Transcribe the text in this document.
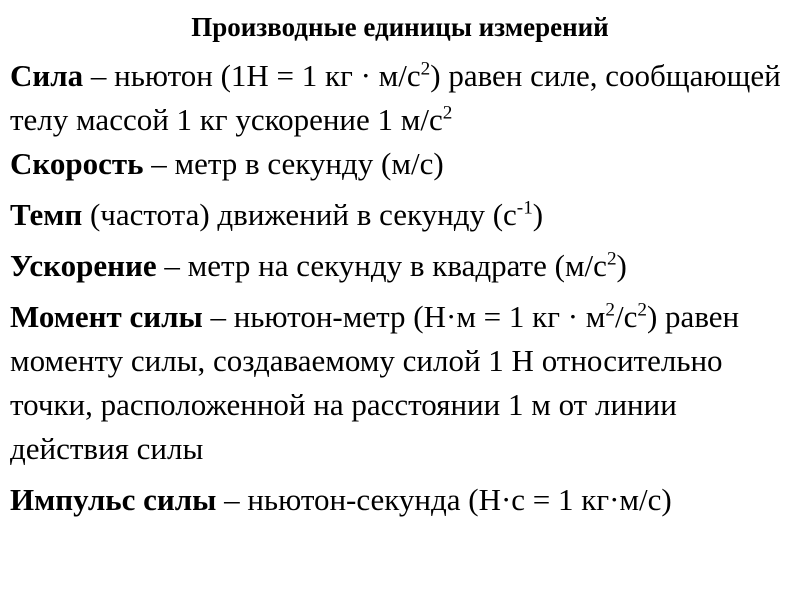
Производные единицы измерений

Сила – ньютон (1Н = 1 кг · $м/с^2$) равен силе, сообщающей телу массой 1 кг ускорение 1 $м/с^2$

Скорость – метр в секунду (м/с)

Темп (частота) движений в секунду $(с^{-1})$

Ускорение – метр на секунду в квадрате $(м/с^2)$

Момент силы – ньютон-метр (Н·м = 1 кг · $м^2/с^2$) равен моменту силы, создаваемому силой 1 Н относительно точки, расположенной на расстоянии 1 м от линии действия силы

Импульс силы – ньютон-секунда (Н·с = 1 кг·м/с)
